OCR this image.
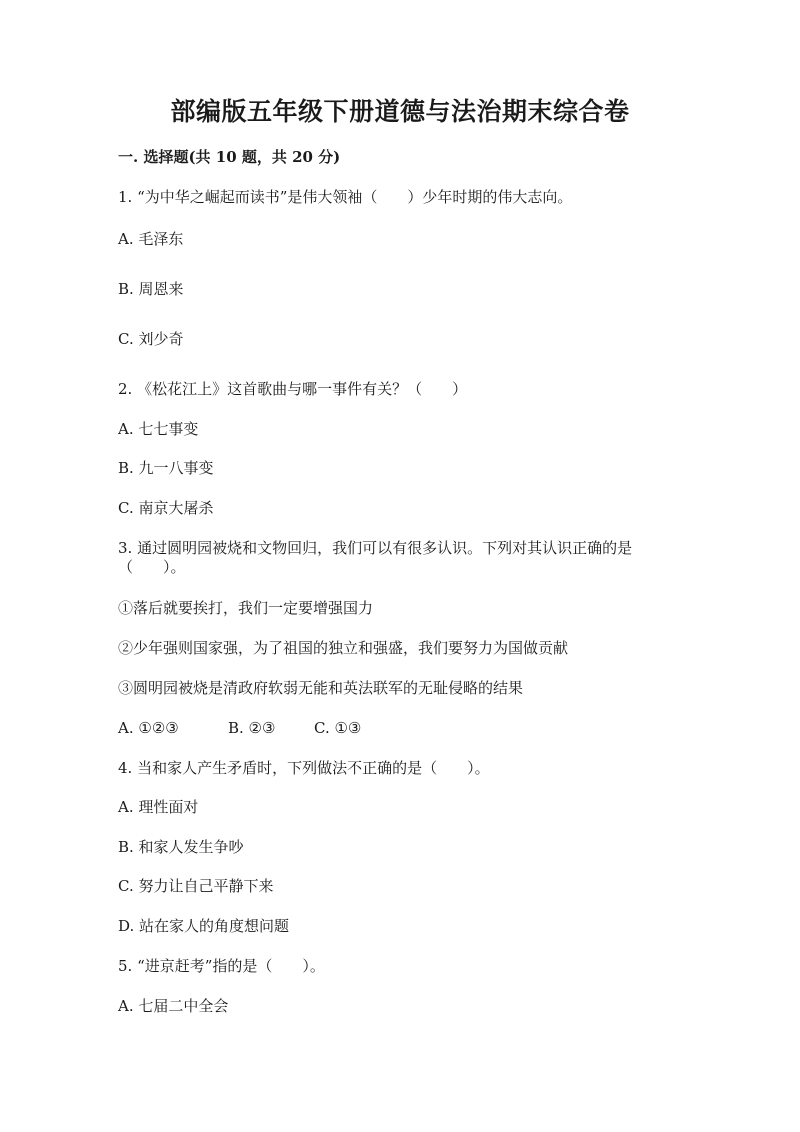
部编版五年级下册道德与法治期末综合卷
一. 选择题(共 10 题，共 20 分)
1. “为中华之崛起而读书”是伟大领袖（　　）少年时期的伟大志向。
A. 毛泽东
B. 周恩来
C. 刘少奇
2. 《松花江上》这首歌曲与哪一事件有关？（　　）
A. 七七事变
B. 九一八事变
C. 南京大屠杀
3. 通过圆明园被烧和文物回归，我们可以有很多认识。下列对其认识正确的是
（　　）。
①落后就要挨打，我们一定要增强国力
②少年强则国家强，为了祖国的独立和强盛，我们要努力为国做贡献
③圆明园被烧是清政府软弱无能和英法联军的无耻侵略的结果
A. ①②③	B. ②③	C. ①③
4. 当和家人产生矛盾时，下列做法不正确的是（　　）。
A. 理性面对
B. 和家人发生争吵
C. 努力让自己平静下来
D. 站在家人的角度想问题
5. “进京赶考”指的是（　　）。
A. 七届二中全会
